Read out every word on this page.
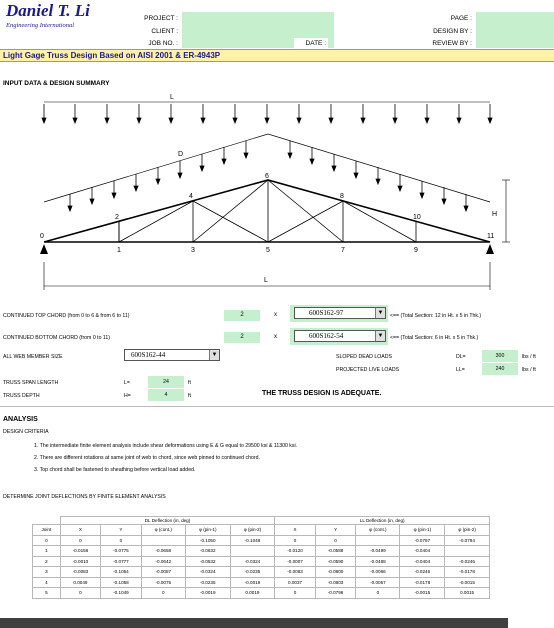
Daniel T. Li
Engineering International
PROJECT :
CLIENT :
JOB NO. :	DATE :
PAGE :
DESIGN BY :
REVIEW BY :
Light Gage Truss Design Based on AISI 2001 & ER-4943P
INPUT DATA & DESIGN SUMMARY
L
D
0
2
4
6
8
10
11
1	3	5	7	9
H
L
CONTINUED TOP CHORD (from 0 to 6 & from 6 to 11)	2	x	600S162-97	▼ <== (Total Section: 12 in Ht. x 5 in Thk.)
CONTINUED BOTTOM CHORD (from 0 to 11)	2	x	600S162-54	▼ <== (Total Section: 6 in Ht. x 5 in Thk.)
ALL WEB MEMBER SIZE	600S162-44	▼	SLOPED DEAD LOADS	DL=	300	lbs / ft
PROJECTED LIVE LOADS	LL=	240	lbs / ft
TRUSS SPAN LENGTH	L=	24	ft
TRUSS DEPTH	H=	4	ft	THE TRUSS DESIGN IS ADEQUATE.
ANALYSIS
DESIGN CRITERIA
1. The intermediate finite element analysis include shear deformations using E & G equal to 29500 ksi & 11300 ksi.
2. There are different rotations at same joint of web to chord, since web pinned to continued chord.
3. Top chord shall be fastened to sheathing before vertical load added.
DETERMINE JOINT DEFLECTIONS BY FINITE ELEMENT ANALYSIS
	DL Deflection (in, deg)					LL Deflection (in, deg)				
Joint	X	Y	φ (cont.)	φ (pin-1)	φ (pin-2)	X	Y	φ (cont.)	φ (pin-1)	φ (pin-2)
0	0	0		-0.1050	-0.1048	0	0		-0.0797	-0.0794
1	-0.0158	-0.0775	-0.0658	-0.0632		-0.0120	-0.0588	-0.0499	-0.0404	
2	-0.0010	-0.0777	-0.0642	-0.0532	-0.0324	-0.0007	-0.0590	-0.0488	-0.0404	-0.0246
3	-0.0083	-0.1054	-0.0087	-0.0324	-0.0235	-0.0063	-0.0800	-0.0066	-0.0246	-0.0178
4	0.0049	-0.1058	-0.0075	-0.0235	-0.0019	0.0037	-0.0803	-0.0057	-0.0178	-0.0015
5	0	-0.1049	0	-0.0019	0.0019	0	-0.0796	0	-0.0015	0.0015
